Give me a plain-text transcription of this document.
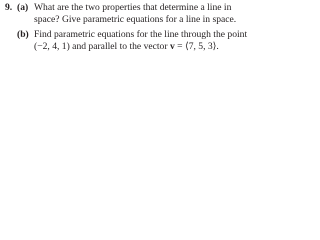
9. (a) What are the two properties that determine a line in
space? Give parametric equations for a line in space.
(b) Find parametric equations for the line through the point
(−2, 4, 1) and parallel to the vector v = ⟨7, 5, 3⟩.
